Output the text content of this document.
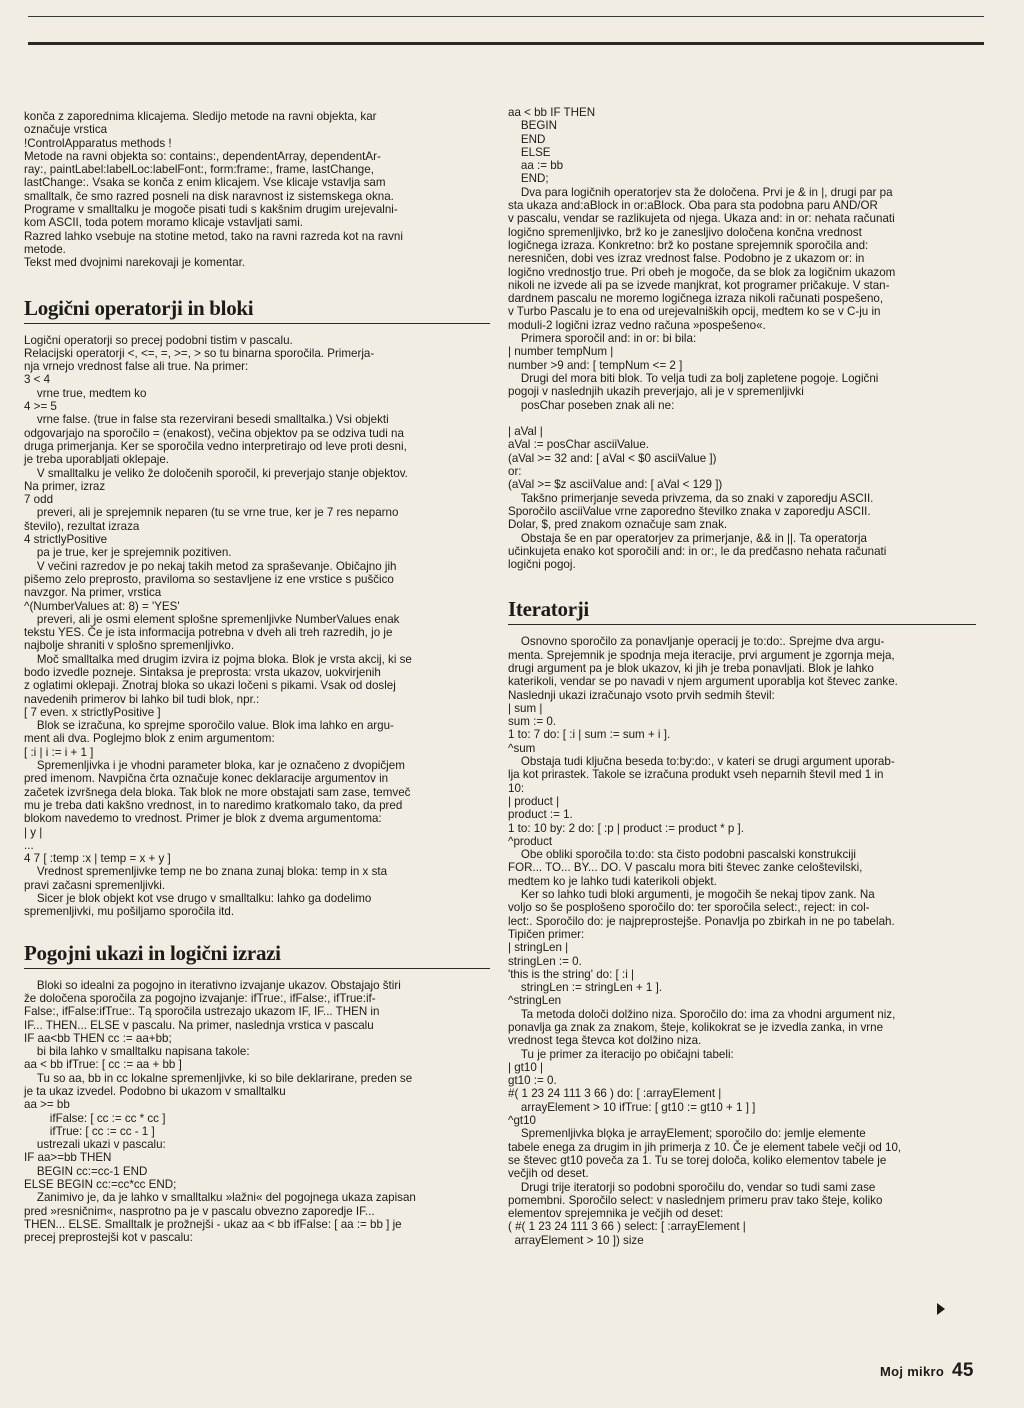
konča z zaporednima klicajema. Sledijo metode na ravni objekta, kar
označuje vrstica
!ControlApparatus methods !
Metode na ravni objekta so: contains:, dependentArray, dependentAr-
ray:, paintLabel:labelLoc:labelFont:, form:frame:, frame, lastChange,
lastChange:. Vsaka se konča z enim klicajem. Vse klicaje vstavlja sam
smalltalk, če smo razred posneli na disk naravnost iz sistemskega okna.
Programe v smalltalku je mogoče pisati tudi s kakšnim drugim urejevalni-
kom ASCII, toda potem moramo klicaje vstavljati sami.
Razred lahko vsebuje na stotine metod, tako na ravni razreda kot na ravni
metode.
Tekst med dvojnimi narekovaji je komentar.
Logični operatorji in bloki
Logični operatorji so precej podobni tistim v pascalu.
Relacijski operatorji <, <=, =, >=, > so tu binarna sporočila. Primerja-
nja vrnejo vrednost false ali true. Na primer:
3 < 4
vrne true, medtem ko
4 >= 5
vrne false. (true in false sta rezervirani besedi smalltalka.) Vsi objekti
odgovarjajo na sporočilo = (enakost), večina objektov pa se odziva tudi na
druga primerjanja. Ker se sporočila vedno interpretirajo od leve proti desni,
je treba uporabljati oklepaje.
V smalltalku je veliko že določenih sporočil, ki preverjajo stanje objektov.
Na primer, izraz
7 odd
preveri, ali je sprejemnik neparen (tu se vrne true, ker je 7 res neparno
število), rezultat izraza
4 strictlyPositive
pa je true, ker je sprejemnik pozitiven.
V večini razredov je po nekaj takih metod za spraševanje. Običajno jih
pišemo zelo preprosto, praviloma so sestavljene iz ene vrstice s puščico
navzgor. Na primer, vrstica
^(NumberValues at: 8) = 'YES'
preveri, ali je osmi element splošne spremenljivke NumberValues enak
tekstu YES. Če je ista informacija potrebna v dveh ali treh razredih, jo je
najbolje shraniti v splošno spremenljivko.
Moč smalltalka med drugim izvira iz pojma bloka. Blok je vrsta akcij, ki se
bodo izvedle pozneje. Sintaksa je preprosta: vrsta ukazov, uokvirjenih
z oglatimi oklepaji. Znotraj bloka so ukazi ločeni s pikami. Vsak od doslej
navedenih primerov bi lahko bil tudi blok, npr.:
[ 7 even. x strictlyPositive ]
Blok se izračuna, ko sprejme sporočilo value. Blok ima lahko en argu-
ment ali dva. Poglejmo blok z enim argumentom:
[ :i | i := i + 1 ]
Spremenljivka i je vhodni parameter bloka, kar je označeno z dvopičjem
pred imenom. Navpična črta označuje konec deklaracije argumentov in
začetek izvršnega dela bloka. Tak blok ne more obstajati sam zase, temveč
mu je treba dati kakšno vrednost, in to naredimo kratkomalo tako, da pred
blokom navedemo to vrednost. Primer je blok z dvema argumentoma:
| y |
...
4 7 [ :temp :x | temp = x + y ]
Vrednost spremenljivke temp ne bo znana zunaj bloka: temp in x sta
pravi začasni spremenljivki.
Sicer je blok objekt kot vse drugo v smalltalku: lahko ga dodelimo
spremenljivki, mu pošiljamo sporočila itd.
Pogojni ukazi in logični izrazi
Bloki so idealni za pogojno in iterativno izvajanje ukazov. Obstajajo štiri
že določena sporočila za pogojno izvajanje: ifTrue:, ifFalse:, ifTrue:if-
False:, ifFalse:ifTrue:. Tą sporočila ustrezajo ukazom IF, IF... THEN in
IF... THEN... ELSE v pascalu. Na primer, naslednja vrstica v pascalu
IF aa<bb THEN cc := aa+bb;
bi bila lahko v smalltalku napisana takole:
aa < bb ifTrue: [ cc := aa + bb ]
Tu so aa, bb in cc lokalne spremenljivke, ki so bile deklarirane, preden se
je ta ukaz izvedel. Podobno bi ukazom v smalltalku
aa >= bb
ifFalse: [ cc := cc * cc ]
ifTrue: [ cc := cc - 1 ]
ustrezali ukazi v pascalu:
IF aa>=bb THEN
BEGIN cc:=cc-1 END
ELSE BEGIN cc:=cc*cc END;
Zanimivo je, da je lahko v smalltalku »lažni« del pogojnega ukaza zapisan
pred »resničnim«, nasprotno pa je v pascalu obvezno zaporedje IF...
THEN... ELSE. Smalltalk je prožnejši - ukaz aa < bb ifFalse: [ aa := bb ] je
precej preprostejši kot v pascalu:
aa < bb IF THEN
BEGIN
END
ELSE
aa := bb
END;
Dva para logičnih operatorjev sta že določena. Prvi je & in |, drugi par pa
sta ukaza and:aBlock in or:aBlock. Oba para sta podobna paru AND/OR
v pascalu, vendar se razlikujeta od njega. Ukaza and: in or: nehata računati
logično spremenljivko, brž ko je zanesljivo določena končna vrednost
logičnega izraza. Konkretno: brž ko postane sprejemnik sporočila and:
neresničen, dobi ves izraz vrednost false. Podobno je z ukazom or: in
logično vrednostjo true. Pri obeh je mogoče, da se blok za logičnim ukazom
nikoli ne izvede ali pa se izvede manjkrat, kot programer pričakuje. V stan-
dardnem pascalu ne moremo logičnega izraza nikoli računati pospešeno,
v Turbo Pascalu je to ena od urejevalniških opcij, medtem ko se v C-ju in
moduli-2 logični izraz vedno računa »pospešeno«.
Primera sporočil and: in or: bi bila:
| number tempNum |
number >9 and: [ tempNum <= 2 ]
Drugi del mora biti blok. To velja tudi za bolj zapletene pogoje. Logični
pogoji v naslednjih ukazih preverjajo, ali je v spremenljivki
posChar poseben znak ali ne:

| aVal |
aVal := posChar asciiValue.
(aVal >= 32 and: [ aVal < $0 asciiValue ])
or:
(aVal >= $z asciiValue and: [ aVal < 129 ])
Takšno primerjanje seveda privzema, da so znaki v zaporedju ASCII.
Sporočilo asciiValue vrne zaporedno številko znaka v zaporedju ASCII.
Dolar, $, pred znakom označuje sam znak.
Obstaja še en par operatorjev za primerjanje, && in ||. Ta operatorja
učinkujeta enako kot sporočili and: in or:, le da predčasno nehata računati
logični pogoj.
Iteratorji
Osnovno sporočilo za ponavljanje operacij je to:do:. Sprejme dva argu-
menta. Sprejemnik je spodnja meja iteracije, prvi argument je zgornja meja,
drugi argument pa je blok ukazov, ki jih je treba ponavljati. Blok je lahko
katerikoli, vendar se po navadi v njem argument uporablja kot števec zanke.
Naslednji ukazi izračunajo vsoto prvih sedmih števil:
| sum |
sum := 0.
1 to: 7 do: [ :i | sum := sum + i ].
^sum
Obstaja tudi ključna beseda to:by:do:, v kateri se drugi argument uporab-
lja kot prirastek. Takole se izračuna produkt vseh neparnih števil med 1 in
10:
| product |
product := 1.
1 to: 10 by: 2 do: [ :p | product := product * p ].
^product
Obe obliki sporočila to:do: sta čisto podobni pascalski konstrukciji
FOR... TO... BY... DO. V pascalu mora biti števec zanke celoštevilski,
medtem ko je lahko tudi katerikoli objekt.
Ker so lahko tudi bloki argumenti, je mogočih še nekaj tipov zank. Na
voljo so še posplošeno sporočilo do: ter sporočila select:, reject: in col-
lect:. Sporočilo do: je najpreprostejše. Ponavlja po zbirkah in ne po tabelah.
Tipičen primer:
| stringLen |
stringLen := 0.
'this is the string' do: [ :i |
stringLen := stringLen + 1 ].
^stringLen
Ta metoda določi dolžino niza. Sporočilo do: ima za vhodni argument niz,
ponavlja ga znak za znakom, šteje, kolikokrat se je izvedla zanka, in vrne
vrednost tega števca kot dolžino niza.
Tu je primer za iteracijo po običajni tabeli:
| gt10 |
gt10 := 0.
#( 1 23 24 111 3 66 ) do: [ :arrayElement |
arrayElement > 10 ifTrue: [ gt10 := gt10 + 1 ] ]
^gt10
Spremenljivka blǫka je arrayElement; sporočilo do: jemlje elemente
tabele enega za drugim in jih primerja z 10. Če je element tabele večji od 10,
se števec gt10 poveča za 1. Tu se torej določa, koliko elementov tabele je
večjih od deset.
Drugi trije iteratorji so podobni sporočilu do, vendar so tudi sami zase
pomembni. Sporočilo select: v naslednjem primeru prav tako šteje, koliko
elementov sprejemnika je večjih od deset:
( #( 1 23 24 111 3 66 ) select: [ :arrayElement |
arrayElement > 10 ]) size
Moj mikro 45
